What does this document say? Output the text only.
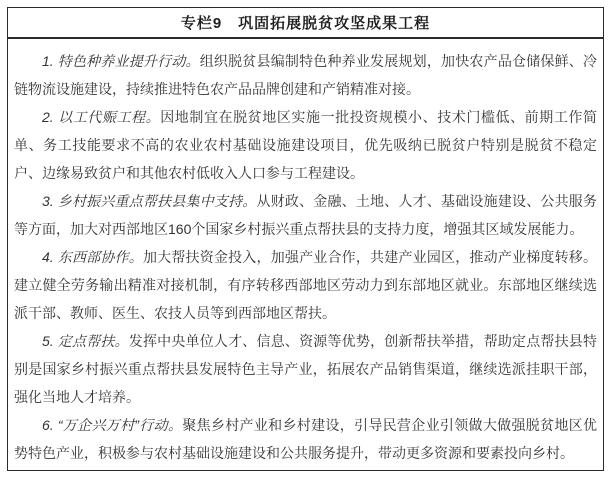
专栏9　巩固拓展脱贫攻坚成果工程

1. 特色种养业提升行动。组织脱贫县编制特色种养业发展规划，加快农产品仓储保鲜、冷链物流设施建设，持续推进特色农产品品牌创建和产销精准对接。

2. 以工代赈工程。因地制宜在脱贫地区实施一批投资规模小、技术门槛低、前期工作简单、务工技能要求不高的农业农村基础设施建设项目，优先吸纳已脱贫户特别是脱贫不稳定户、边缘易致贫户和其他农村低收入人口参与工程建设。

3. 乡村振兴重点帮扶县集中支持。从财政、金融、土地、人才、基础设施建设、公共服务等方面，加大对西部地区160个国家乡村振兴重点帮扶县的支持力度，增强其区域发展能力。

4. 东西部协作。加大帮扶资金投入，加强产业合作，共建产业园区，推动产业梯度转移。建立健全劳务输出精准对接机制，有序转移西部地区劳动力到东部地区就业。东部地区继续选派干部、教师、医生、农技人员等到西部地区帮扶。

5. 定点帮扶。发挥中央单位人才、信息、资源等优势，创新帮扶举措，帮助定点帮扶县特别是国家乡村振兴重点帮扶县发展特色主导产业，拓展农产品销售渠道，继续选派挂职干部，强化当地人才培养。

6. “万企兴万村”行动。聚焦乡村产业和乡村建设，引导民营企业引领做大做强脱贫地区优势特色产业，积极参与农村基础设施建设和公共服务提升，带动更多资源和要素投向乡村。
